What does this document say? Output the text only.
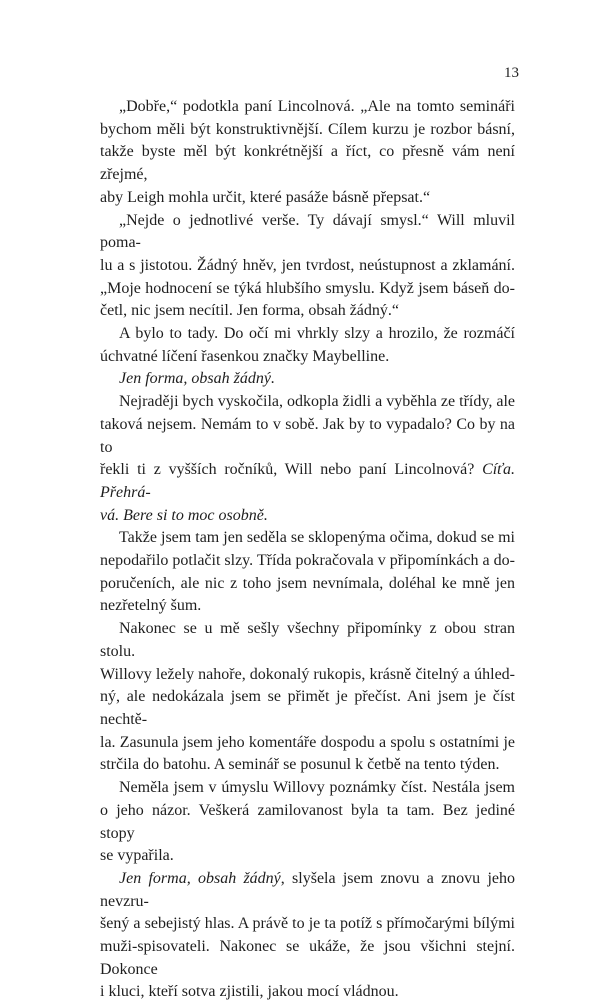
13
„Dobře,“ podotkla paní Lincolnová. „Ale na tomto semináři
bychom měli být konstruktivnější. Cílem kurzu je rozbor básní,
takže byste měl být konkrétnější a říct, co přesně vám není zřejmé,
aby Leigh mohla určit, které pasáže básně přepsat.“
„Nejde o jednotlivé verše. Ty dávají smysl.“ Will mluvil poma-
lu a s jistotou. Žádný hněv, jen tvrdost, neústupnost a zklamání.
„Moje hodnocení se týká hlubšího smyslu. Když jsem báseň do-
četl, nic jsem necítil. Jen forma, obsah žádný.“
A bylo to tady. Do očí mi vhrkly slzy a hrozilo, že rozmáčí
úchvatné líčení řasenkou značky Maybelline.
Jen forma, obsah žádný.
Nejraději bych vyskočila, odkopla židli a vyběhla ze třídy, ale
taková nejsem. Nemám to v sobě. Jak by to vypadalo? Co by na to
řekli ti z vyšších ročníků, Will nebo paní Lincolnová? Cíťa. Přehrá-
vá. Bere si to moc osobně.
Takže jsem tam jen seděla se sklopenýma očima, dokud se mi
nepodařilo potlačit slzy. Třída pokračovala v připomínkách a do-
poručeních, ale nic z toho jsem nevnímala, doléhal ke mně jen
nezřetelný šum.
Nakonec se u mě sešly všechny připomínky z obou stran stolu.
Willovy ležely nahoře, dokonalý rukopis, krásně čitelný a úhled-
ný, ale nedokázala jsem se přimět je přečíst. Ani jsem je číst nechtě-
la. Zasunula jsem jeho komentáře dospodu a spolu s ostatními je
strčila do batohu. A seminář se posunul k četbě na tento týden.
Neměla jsem v úmyslu Willovy poznámky číst. Nestála jsem
o jeho názor. Veškerá zamilovanost byla ta tam. Bez jediné stopy
se vypařila.
Jen forma, obsah žádný, slyšela jsem znovu a znovu jeho nevzru-
šený a sebejistý hlas. A právě to je ta potíž s přímočarými bílými
muži-spisovateli. Nakonec se ukáže, že jsou všichni stejní. Dokonce
i kluci, kteří sotva zjistili, jakou mocí vládnou.
